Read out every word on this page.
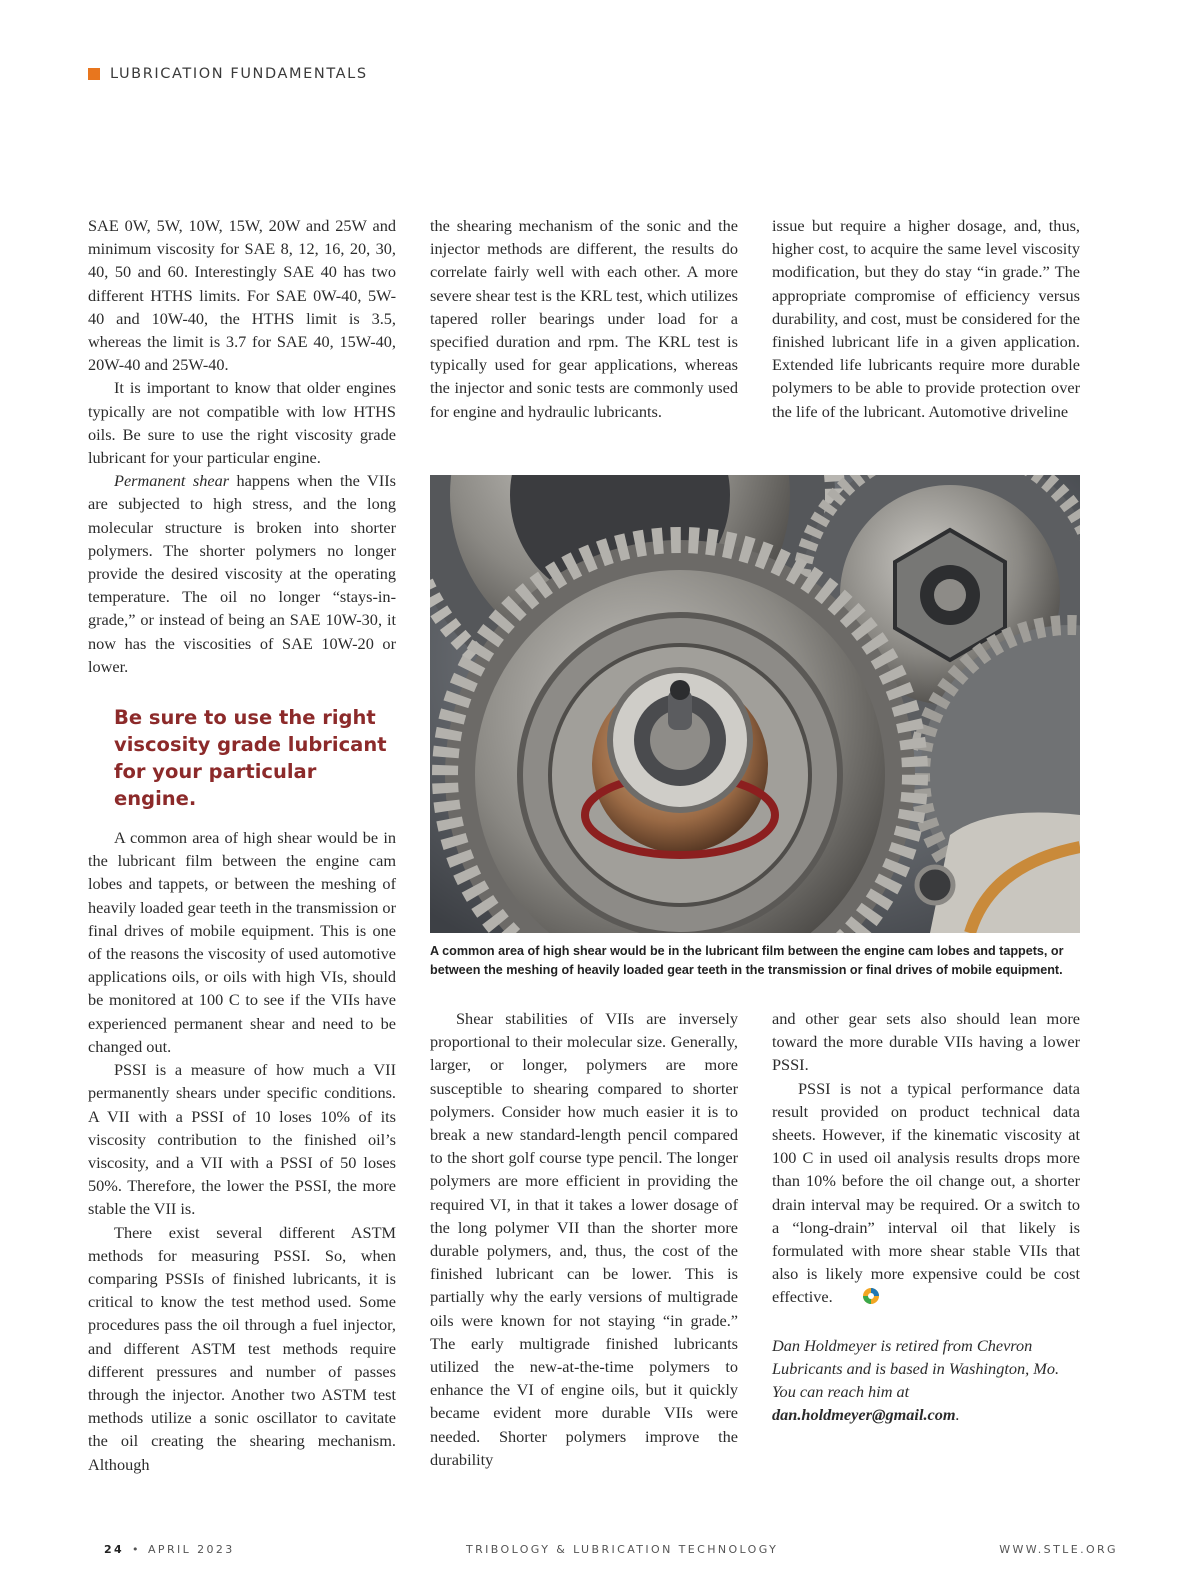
LUBRICATION FUNDAMENTALS

SAE 0W, 5W, 10W, 15W, 20W and 25W and minimum viscosity for SAE 8, 12, 16, 20, 30, 40, 50 and 60. Interestingly SAE 40 has two different HTHS limits. For SAE 0W-40, 5W-40 and 10W-40, the HTHS limit is 3.5, whereas the limit is 3.7 for SAE 40, 15W-40, 20W-40 and 25W-40.

It is important to know that older engines typically are not compatible with low HTHS oils. Be sure to use the right viscosity grade lubricant for your particular engine.

Permanent shear happens when the VIIs are subjected to high stress, and the long molecular structure is broken into shorter polymers. The shorter polymers no longer provide the desired viscosity at the operating temperature. The oil no longer “stays-in-grade,” or instead of being an SAE 10W-30, it now has the viscosities of SAE 10W-20 or lower.

Be sure to use the right viscosity grade lubricant for your particular engine.

A common area of high shear would be in the lubricant film between the engine cam lobes and tappets, or between the meshing of heavily loaded gear teeth in the transmission or final drives of mobile equipment. This is one of the reasons the viscosity of used automotive applications oils, or oils with high VIs, should be monitored at 100 C to see if the VIIs have experienced permanent shear and need to be changed out.

PSSI is a measure of how much a VII permanently shears under specific conditions. A VII with a PSSI of 10 loses 10% of its viscosity contribution to the finished oil’s viscosity, and a VII with a PSSI of 50 loses 50%. Therefore, the lower the PSSI, the more stable the VII is.

There exist several different ASTM methods for measuring PSSI. So, when comparing PSSIs of finished lubricants, it is critical to know the test method used. Some procedures pass the oil through a fuel injector, and different ASTM test methods require different pressures and number of passes through the injector. Another two ASTM test methods utilize a sonic oscillator to cavitate the oil creating the shearing mechanism. Although

the shearing mechanism of the sonic and the injector methods are different, the results do correlate fairly well with each other. A more severe shear test is the KRL test, which utilizes tapered roller bearings under load for a specified duration and rpm. The KRL test is typically used for gear applications, whereas the injector and sonic tests are commonly used for engine and hydraulic lubricants.

issue but require a higher dosage, and, thus, higher cost, to acquire the same level viscosity modification, but they do stay “in grade.” The appropriate compromise of efficiency versus durability, and cost, must be considered for the finished lubricant life in a given application. Extended life lubricants require more durable polymers to be able to provide protection over the life of the lubricant. Automotive driveline

A common area of high shear would be in the lubricant film between the engine cam lobes and tappets, or between the meshing of heavily loaded gear teeth in the transmission or final drives of mobile equipment.

Shear stabilities of VIIs are inversely proportional to their molecular size. Generally, larger, or longer, polymers are more susceptible to shearing compared to shorter polymers. Consider how much easier it is to break a new standard-length pencil compared to the short golf course type pencil. The longer polymers are more efficient in providing the required VI, in that it takes a lower dosage of the long polymer VII than the shorter more durable polymers, and, thus, the cost of the finished lubricant can be lower. This is partially why the early versions of multigrade oils were known for not staying “in grade.” The early multigrade finished lubricants utilized the new-at-the-time polymers to enhance the VI of engine oils, but it quickly became evident more durable VIIs were needed. Shorter polymers improve the durability

and other gear sets also should lean more toward the more durable VIIs having a lower PSSI.

PSSI is not a typical performance data result provided on product technical data sheets. However, if the kinematic viscosity at 100 C in used oil analysis results drops more than 10% before the oil change out, a shorter drain interval may be required. Or a switch to a “long-drain” interval oil that likely is formulated with more shear stable VIIs that also is likely more expensive could be cost effective.

Dan Holdmeyer is retired from Chevron Lubricants and is based in Washington, Mo. You can reach him at dan.holdmeyer@gmail.com.

24 • APRIL 2023	TRIBOLOGY & LUBRICATION TECHNOLOGY	WWW.STLE.ORG
